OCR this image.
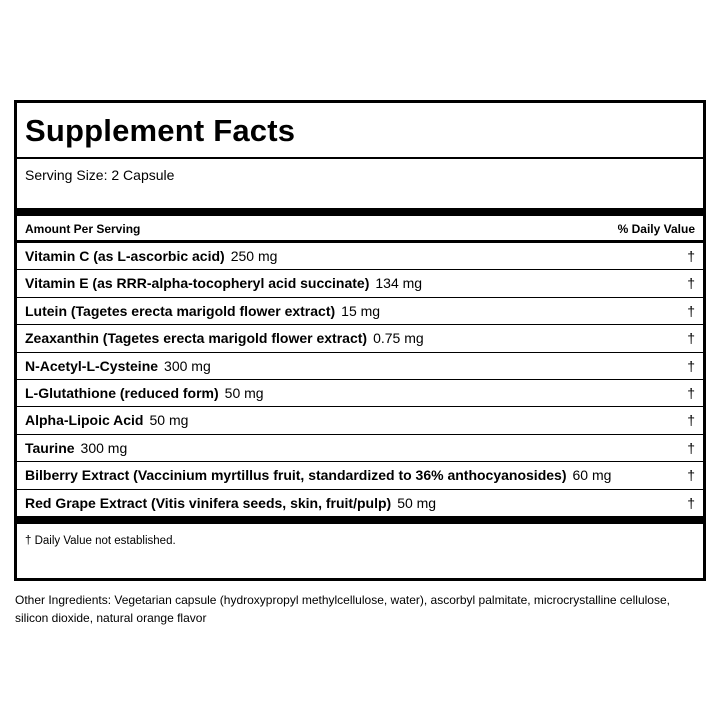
Supplement Facts
Serving Size: 2 Capsule
Amount Per Serving	% Daily Value
Vitamin C (as L-ascorbic acid) 250 mg	†
Vitamin E (as RRR-alpha-tocopheryl acid succinate) 134 mg	†
Lutein (Tagetes erecta marigold flower extract) 15 mg	†
Zeaxanthin (Tagetes erecta marigold flower extract) 0.75 mg	†
N-Acetyl-L-Cysteine 300 mg	†
L-Glutathione (reduced form) 50 mg	†
Alpha-Lipoic Acid 50 mg	†
Taurine 300 mg	†
Bilberry Extract (Vaccinium myrtillus fruit, standardized to 36% anthocyanosides) 60 mg	†
Red Grape Extract (Vitis vinifera seeds, skin, fruit/pulp) 50 mg	†
† Daily Value not established.
Other Ingredients: Vegetarian capsule (hydroxypropyl methylcellulose, water), ascorbyl palmitate, microcrystalline cellulose, silicon dioxide, natural orange flavor
